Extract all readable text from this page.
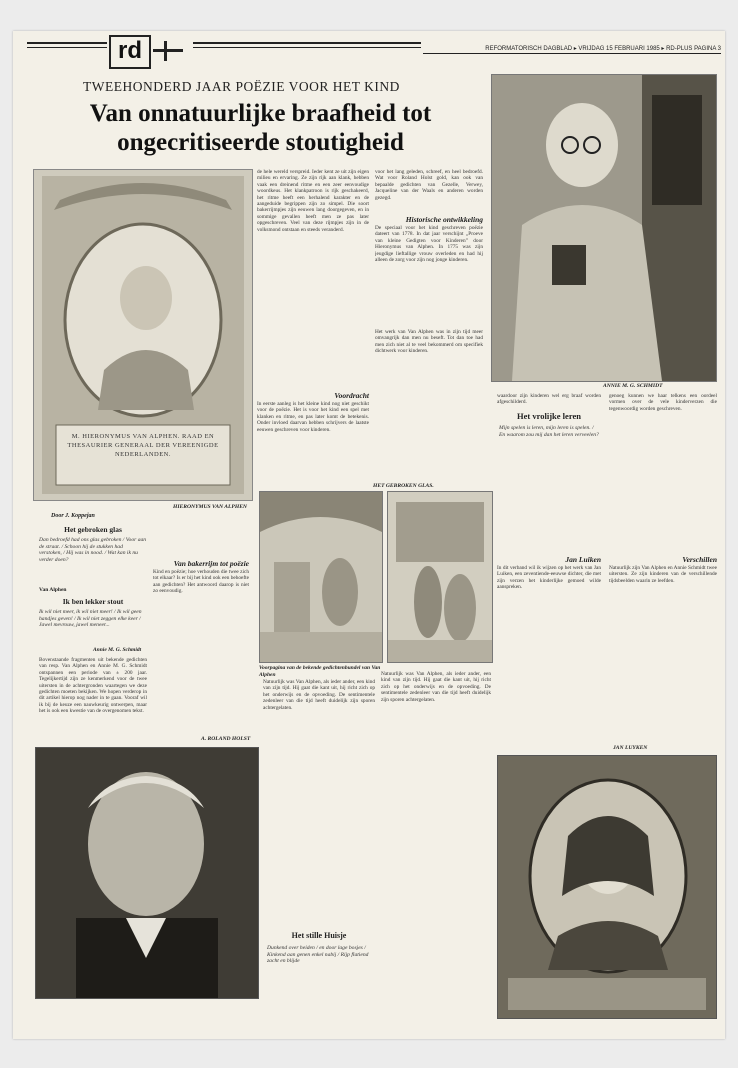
rd	REFORMATORISCH DAGBLAD ▸ VRIJDAG 15 FEBRUARI 1985 ▸ RD-PLUS PAGINA 3
TWEEHONDERD JAAR POËZIE VOOR HET KIND
Van onnatuurlijke braafheid tot ongecritiseerde stoutigheid
M. HIERONYMUS VAN ALPHEN. RAAD EN THESAURIER GENERAAL DER VEREENIGDE NEDERLANDEN.
ANNIE M. G. SCHMIDT

de hele wereld verspreid. Ieder kent ze uit zijn eigen milieu en ervaring. Ze zijn rijk aan klank, hebben vaak een dreinend ritme en een zeer eenvoudige woordkeus. Het klankpatroon is rijk geschakeerd, het ritme heeft een herhalend karakter en de aangeduide begrippen zijn zo simpel. Die soort bakerrijmpjes zijn eeuwen lang doorgegeven, en in sommige gevallen heeft men ze pas later opgeschreven. Veel van deze rijmpjes zijn in de volksmond ontstaan en steeds veranderd.

Voordracht

In eerste aanleg is het kleine kind nog niet geschikt voor de poëzie. Het is voor het kind een spel met klanken en ritme, en pas later komt de betekenis. Onder invloed daarvan hebben schrijvers de laatste eeuwen geschreven voor kinderen.

voor het lang geleden, schreef, en heel bedroefd. Wat voor Roland Holst gold, kan ook van bepaalde gedichten van Gezelle, Verwey, Jacqueline van der Waals en anderen worden gezegd.

Historische ontwikkeling

De speciaal voor het kind geschreven poëzie dateert van 1778. In dat jaar verschijnt „Proeve van kleine Gedigten voor Kinderen” door Hieronymus van Alphen. In 1775 was zijn jeugdige lieftallige vrouw overleden en had hij alleen de zorg voor zijn nog jonge kinderen.

Het werk van Van Alphen was in zijn tijd meer omvangrijk dan men nu beseft. Tot dan toe had men zich niet al te veel bekommerd om specifiek dichtwerk voor kinderen.

Voorpagina van de bekende gedichtenbundel van Van Alphen
HET GEBROKEN GLAS.
HIERONYMUS VAN ALPHEN
Door J. Koppejan
Het gebroken glas
Dan bedroefd had ons glas gebroken / Voor aan de straat. / Schoon hij de stukken had verstoken, / Hij was in nood. / Wat kan ik nu verder doen?
Van Alphen
Ik ben lekker stout
Ik wil niet meer, ik wil niet meer! / Ik wil geen handjes geven! / Ik wil niet zeggen elke keer / Jawel mevrouw, jawel meneer...
Annie M. G. Schmidt

Bovenstaande fragmenten uit bekende gedichten van resp. Van Alphen en Annie M. G. Schmidt ontspannen een periode van ± 200 jaar. Tegelijkertijd zijn ze kenmerkend voor de twee uitersten in de achtergronden waartegen we deze gedichten moeten bekijken. We hopen verderop in dit artikel hierop nog nader in te gaan. Vooraf wil ik bij de keuze een nauwkeurig ontwerpen, maar het is ook een kwestie van de overgenomen tekst.

Van bakerrijm tot poëzie

Kind en poëzie; hoe verhouden die twee zich tot elkaar? Is er bij het kind ook een behoefte aan gedichten? Het antwoord daarop is niet zo eenvoudig.

A. ROLAND HOLST

Natuurlijk was Van Alphen, als ieder ander, een kind van zijn tijd. Hij gaat die kant uit, hij richt zich op het onderwijs en de opvoeding. De sentimentele zedenleer van die tijd heeft duidelijk zijn sporen achtergelaten.

Het stille Huisje
Dunkend over heiden / en door lage bosjes / Kinkend aan genen enkel nabij / Rijp flatiend zacht en blijde

Natuurlijk was Van Alphen, als ieder ander, een kind van zijn tijd. Hij gaat die kant uit, hij richt zich op het onderwijs en de opvoeding. De sentimentele zedenleer van die tijd heeft duidelijk zijn sporen achtergelaten.

waardoor zijn kinderen wel erg braaf worden afgeschilderd.

Het vrolijke leren
Mijn spelen is leren, mijn leren is spelen. / En waarom zou mij dan het leren verveelen?
Jan Luiken

In dit verband wil ik wijzen op het werk van Jan Luiken, een zeventiende-eeuwse dichter, die met zijn verzen het kinderlijke gemoed wilde aanspreken.

genoeg kunnen we haar telkens een oordeel vormen over de vele kinderverzen die tegenwoordig worden geschreven.

Verschillen

Natuurlijk zijn Van Alphen en Annie Schmidt twee uitersten. Ze zijn kinderen van de verschillende tijdsbeelden waarin ze leefden.

JAN LUYKEN
